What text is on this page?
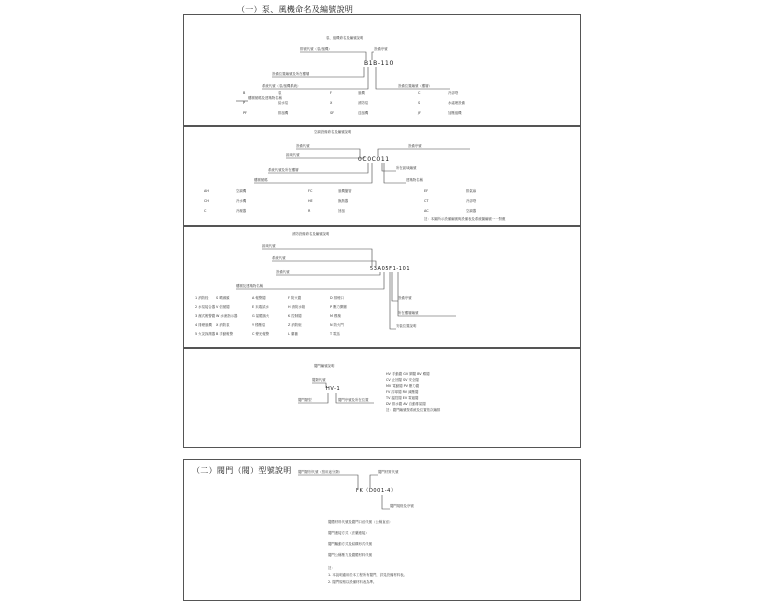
（一）泵、風機命名及編號說明
（二）閥門（閥）型號說明
泵、風機命名及編號說明
B1B-110
排號代號（泵/風機）
設備位置編號及所在樓層
系統代號（泵/風機系統）
樓層號碼及建築物名稱
設備序號
設備位置編號（樓層）
B	泵	F	風機	C	冷卻塔
P	給水泵	X	消防泵	S	水處理設備
PF	排風機	SF	送風機	JF	加壓風機
空調設備命名及編號說明
0C0C011
設備代號
區域代號
系統代號及所在樓層
樓層號碼
設備序號
所在區域編號
建築物名稱
AH	空調機	FC	風機盤管	EF	排氣扇
CH	冷水機	HE	換熱器	CT	冷卻塔
C	冷凝器	R	回風	AC	空調器
註：本圖所示設備編號與設備表及系統圖編號一一對應
消防設備命名及編號說明
53A05F1-101
區域代號
系統代號
設備代號
樓層及建築物名稱
設備序號
所在樓層編號
安裝位置說明
1 消防栓 S 噴淋頭	A 報警閥	F 防火閥	D 排煙口
2 水泵接合器 V 信號閥	E 末端試水	H 消防水箱	P 壓力開關
3 濕式報警閥 W 水流指示器	G 氣體滅火	K 控制閥	M 模塊
4 排煙風機 X 消防泵	Y 穩壓泵	Z 消防炮	N 防火門
5 火災探測器 B 手動報警	C 聲光報警	L 廣播	T 電話
閥門編號說明
閥類代號
HV-1
閥門類型	閥門序號及所在位置
HV 手動閥 GV 閘閥 BV 蝶閥
CV 止回閥 SV 安全閥
MV 電動閥 PV 壓力閥
FV 浮球閥 RV 減壓閥
TV 溫控閥 EV 電磁閥
DV 排水閥 AV 自動排氣閥
註：閥門編號按系統及位置依次編排
閥門類別代號（按用途分類）	閥門材質代號
FK（D001-4）
閥門規格及序號
閥體材料代號及閥門口徑代號（公稱直徑）
閥門連接方式（法蘭連接）
閥門驅動方式及結構形式代號
閥門公稱壓力及閥體材料代號
註：
1. 本說明適用於本工程所有閥門，詳見設備材料表。
2. 閥門規格以設備材料表為準。
